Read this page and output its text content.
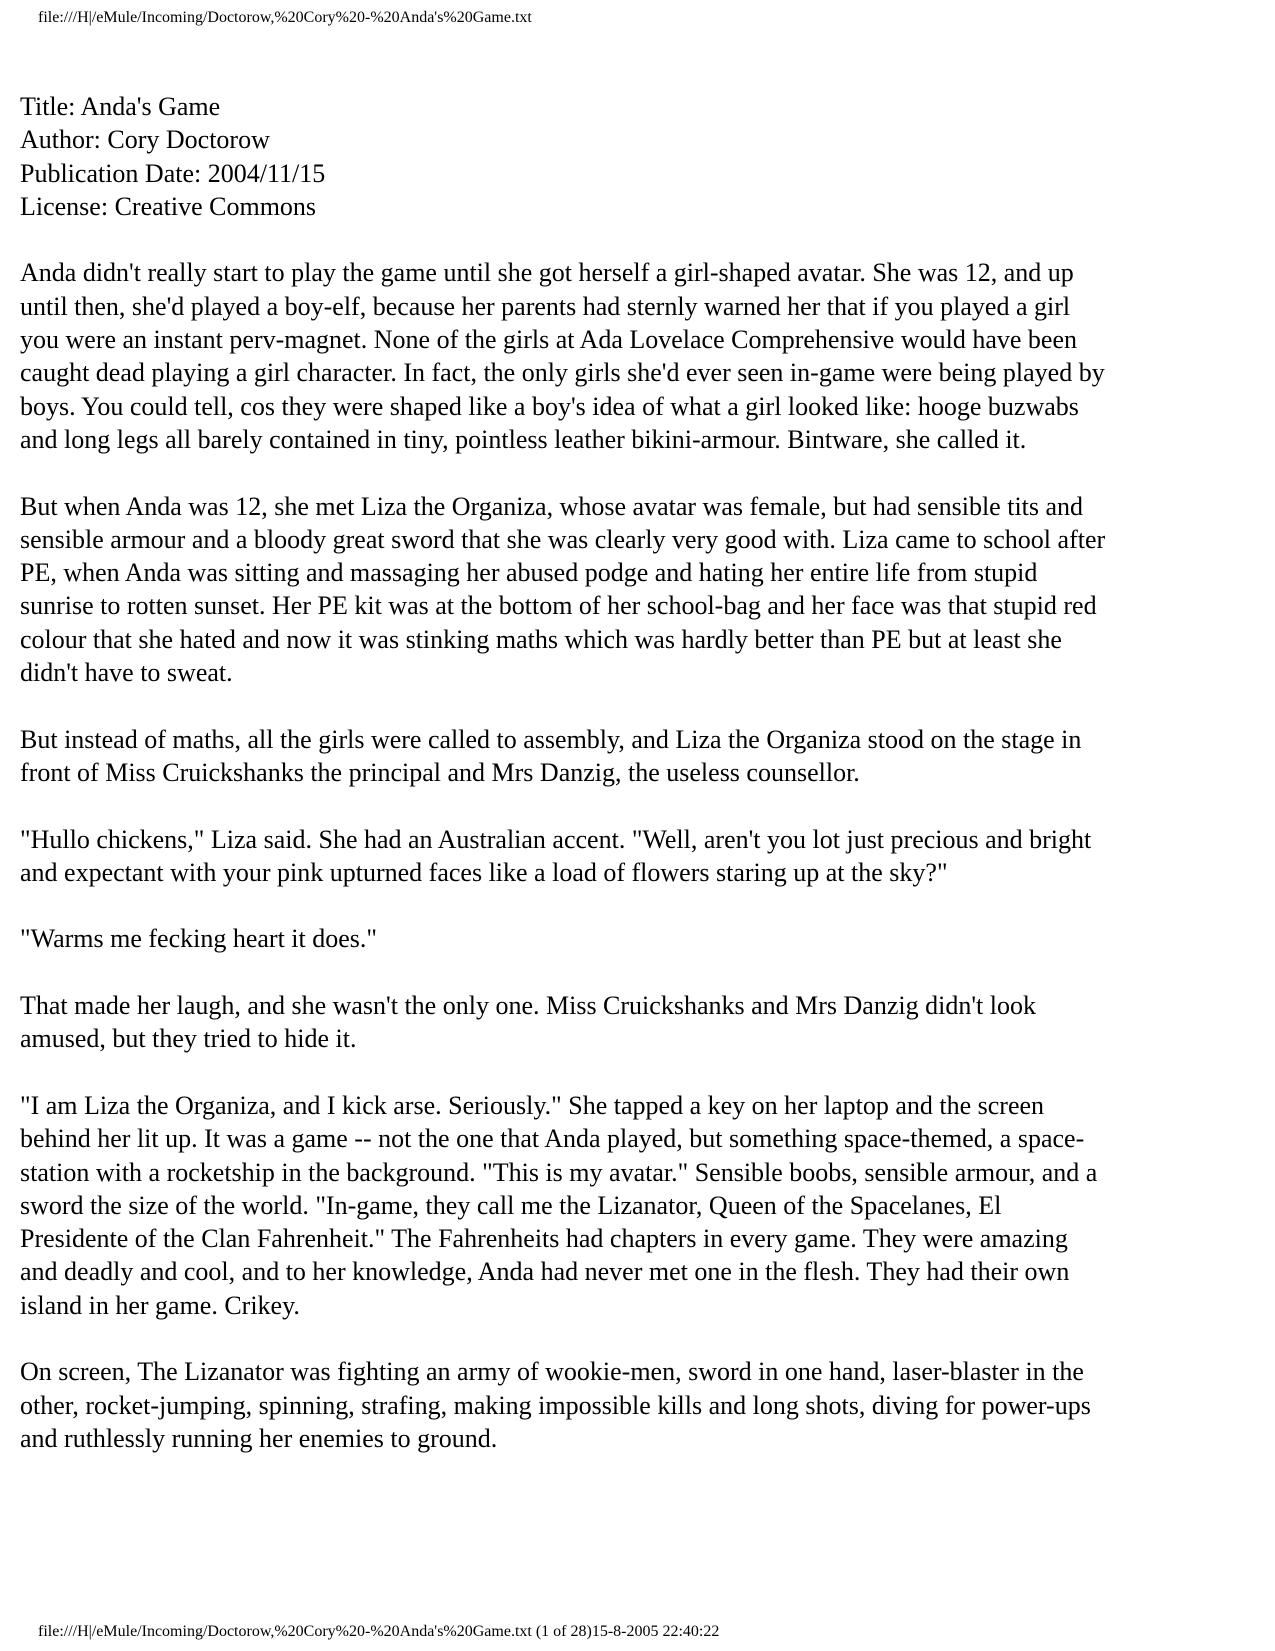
file:///H|/eMule/Incoming/Doctorow,%20Cory%20-%20Anda's%20Game.txt

Title: Anda's Game

Author: Cory Doctorow

Publication Date: 2004/11/15

License: Creative Commons

Anda didn't really start to play the game until she got herself a girl-shaped avatar. She was 12, and up
until then, she'd played a boy-elf, because her parents had sternly warned her that if you played a girl
you were an instant perv-magnet. None of the girls at Ada Lovelace Comprehensive would have been
caught dead playing a girl character. In fact, the only girls she'd ever seen in-game were being played by
boys. You could tell, cos they were shaped like a boy's idea of what a girl looked like: hooge buzwabs
and long legs all barely contained in tiny, pointless leather bikini-armour. Bintware, she called it.

But when Anda was 12, she met Liza the Organiza, whose avatar was female, but had sensible tits and
sensible armour and a bloody great sword that she was clearly very good with. Liza came to school after
PE, when Anda was sitting and massaging her abused podge and hating her entire life from stupid
sunrise to rotten sunset. Her PE kit was at the bottom of her school-bag and her face was that stupid red
colour that she hated and now it was stinking maths which was hardly better than PE but at least she
didn't have to sweat.

But instead of maths, all the girls were called to assembly, and Liza the Organiza stood on the stage in
front of Miss Cruickshanks the principal and Mrs Danzig, the useless counsellor.

"Hullo chickens," Liza said. She had an Australian accent. "Well, aren't you lot just precious and bright
and expectant with your pink upturned faces like a load of flowers staring up at the sky?"

"Warms me fecking heart it does."

That made her laugh, and she wasn't the only one. Miss Cruickshanks and Mrs Danzig didn't look
amused, but they tried to hide it.

"I am Liza the Organiza, and I kick arse. Seriously." She tapped a key on her laptop and the screen
behind her lit up. It was a game -- not the one that Anda played, but something space-themed, a space-
station with a rocketship in the background. "This is my avatar." Sensible boobs, sensible armour, and a
sword the size of the world. "In-game, they call me the Lizanator, Queen of the Spacelanes, El
Presidente of the Clan Fahrenheit." The Fahrenheits had chapters in every game. They were amazing
and deadly and cool, and to her knowledge, Anda had never met one in the flesh. They had their own
island in her game. Crikey.

On screen, The Lizanator was fighting an army of wookie-men, sword in one hand, laser-blaster in the
other, rocket-jumping, spinning, strafing, making impossible kills and long shots, diving for power-ups
and ruthlessly running her enemies to ground.

file:///H|/eMule/Incoming/Doctorow,%20Cory%20-%20Anda's%20Game.txt (1 of 28)15-8-2005 22:40:22
